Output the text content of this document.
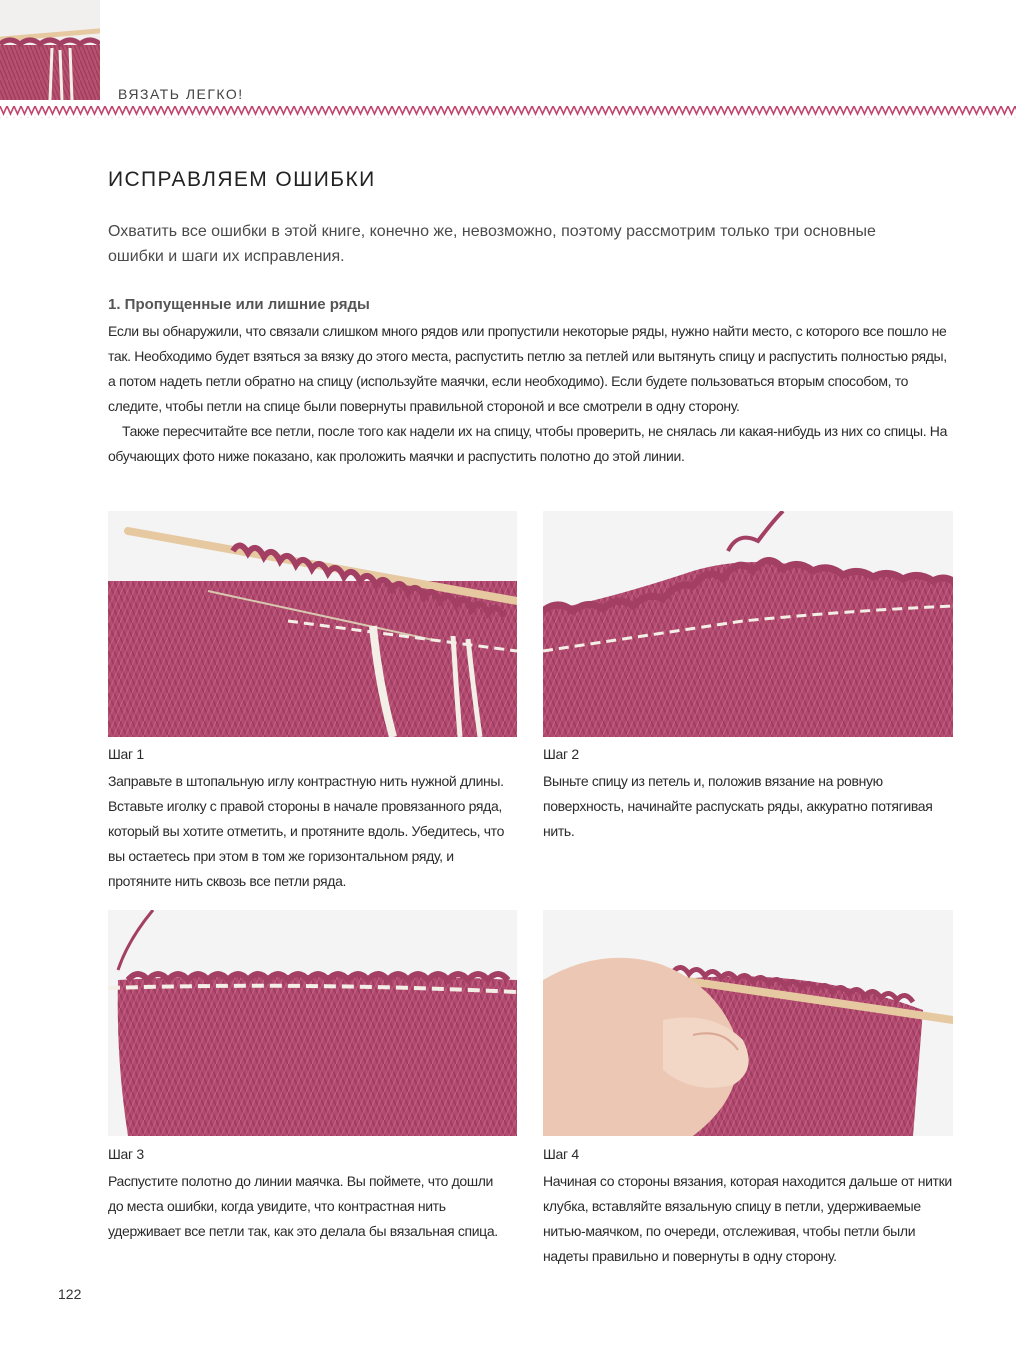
ВЯЗАТЬ ЛЕГКО!
ИСПРАВЛЯЕМ ОШИБКИ

Охватить все ошибки в этой книге, конечно же, невозможно, поэтому рассмотрим только три основные ошибки и шаги их исправления.

1. Пропущенные или лишние ряды

Если вы обнаружили, что связали слишком много рядов или пропустили некоторые ряды, нужно найти место, с которого все пошло не так. Необходимо будет взяться за вязку до этого места, распустить петлю за петлей или вытянуть спицу и распустить полностью ряды, а потом надеть петли обратно на спицу (используйте маячки, если необходимо). Если будете пользоваться вторым способом, то следите, чтобы петли на спице были повернуты правильной стороной и все смотрели в одну сторону.

Также пересчитайте все петли, после того как надели их на спицу, чтобы проверить, не снялась ли какая-нибудь из них со спицы. На обучающих фото ниже показано, как проложить маячки и распустить полотно до этой линии.

Шаг 1

Заправьте в штопальную иглу контрастную нить нужной длины. Вставьте иголку с правой стороны в начале провязанного ряда, который вы хотите отметить, и протяните вдоль. Убедитесь, что вы остаетесь при этом в том же горизонтальном ряду, и протяните нить сквозь все петли ряда.

Шаг 2

Выньте спицу из петель и, положив вязание на ровную поверхность, начинайте распускать ряды, аккуратно потягивая нить.

Шаг 3

Распустите полотно до линии маячка. Вы поймете, что дошли до места ошибки, когда увидите, что контрастная нить удерживает все петли так, как это делала бы вязальная спица.

Шаг 4

Начиная со стороны вязания, которая находится дальше от нитки клубка, вставляйте вязальную спицу в петли, удерживаемые нитью-маячком, по очереди, отслеживая, чтобы петли были надеты правильно и повернуты в одну сторону.

122
